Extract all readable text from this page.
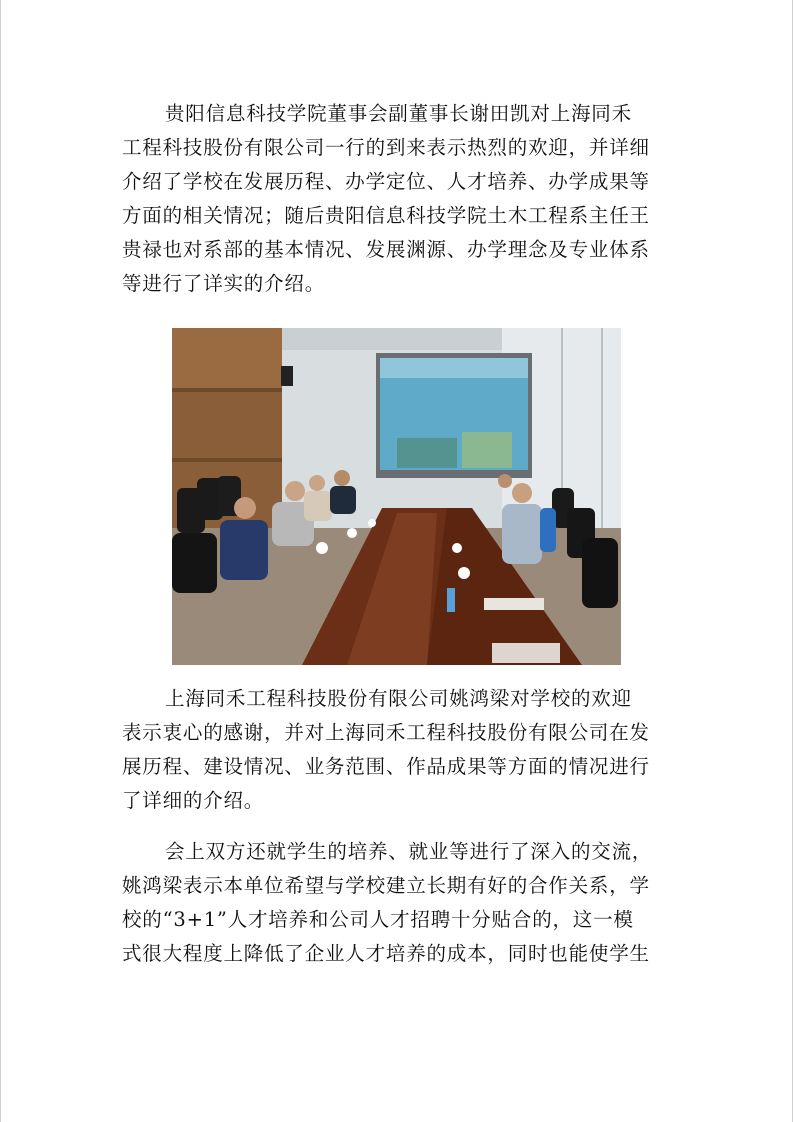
贵阳信息科技学院董事会副董事长谢田凯对上海同禾
工程科技股份有限公司一行的到来表示热烈的欢迎，并详细
介绍了学校在发展历程、办学定位、人才培养、办学成果等
方面的相关情况；随后贵阳信息科技学院土木工程系主任王
贵禄也对系部的基本情况、发展渊源、办学理念及专业体系
等进行了详实的介绍。

上海同禾工程科技股份有限公司姚鸿梁对学校的欢迎
表示衷心的感谢，并对上海同禾工程科技股份有限公司在发
展历程、建设情况、业务范围、作品成果等方面的情况进行
了详细的介绍。

会上双方还就学生的培养、就业等进行了深入的交流，
姚鸿梁表示本单位希望与学校建立长期有好的合作关系，学
校的“3+1”人才培养和公司人才招聘十分贴合的，这一模
式很大程度上降低了企业人才培养的成本，同时也能使学生
